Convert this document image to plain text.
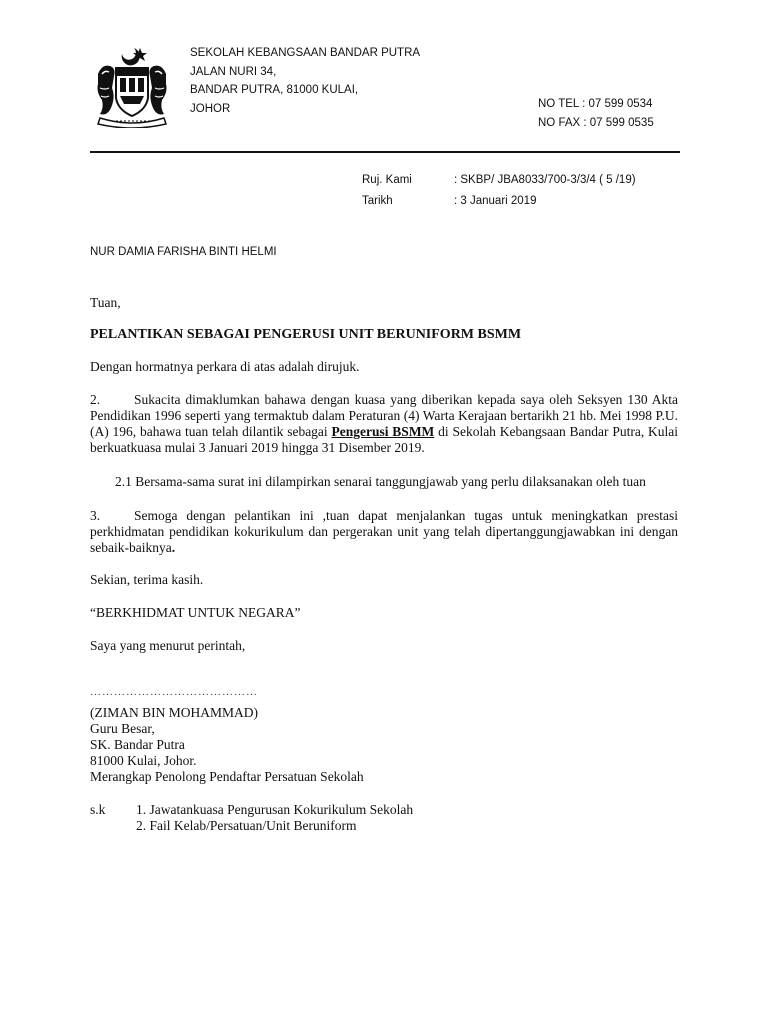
SEKOLAH KEBANGSAAN BANDAR PUTRA
JALAN NURI 34,
BANDAR PUTRA, 81000 KULAI,
JOHOR	NO TEL : 07 599 0534
NO FAX : 07 599 0535
Ruj. Kami	: SKBP/ JBA8033/700-3/3/4 ( 5 /19)
Tarikh	: 3 Januari 2019
NUR DAMIA FARISHA BINTI HELMI
Tuan,
PELANTIKAN SEBAGAI PENGERUSI UNIT BERUNIFORM BSMM
Dengan hormatnya perkara di atas adalah dirujuk.
2.	Sukacita dimaklumkan bahawa dengan kuasa yang diberikan kepada saya oleh Seksyen 130 Akta Pendidikan 1996 seperti yang termaktub dalam Peraturan (4) Warta Kerajaan bertarikh 21 hb. Mei 1998 P.U.(A) 196, bahawa tuan telah dilantik sebagai Pengerusi BSMM di Sekolah Kebangsaan Bandar Putra, Kulai berkuatkuasa mulai 3 Januari 2019 hingga 31 Disember 2019.
2.1 Bersama-sama surat ini dilampirkan senarai tanggungjawab yang perlu dilaksanakan oleh tuan
3.	Semoga dengan pelantikan ini ,tuan dapat menjalankan tugas untuk meningkatkan prestasi perkhidmatan pendidikan kokurikulum dan pergerakan unit yang telah dipertanggungjawabkan ini dengan sebaik-baiknya.
Sekian, terima kasih.
“BERKHIDMAT UNTUK NEGARA”
Saya yang menurut perintah,
……………………………………
(ZIMAN BIN MOHAMMAD)
Guru Besar,
SK. Bandar Putra
81000 Kulai, Johor.
Merangkap Penolong Pendaftar Persatuan Sekolah
s.k 1. Jawatankuasa Pengurusan Kokurikulum Sekolah
2. Fail Kelab/Persatuan/Unit Beruniform
